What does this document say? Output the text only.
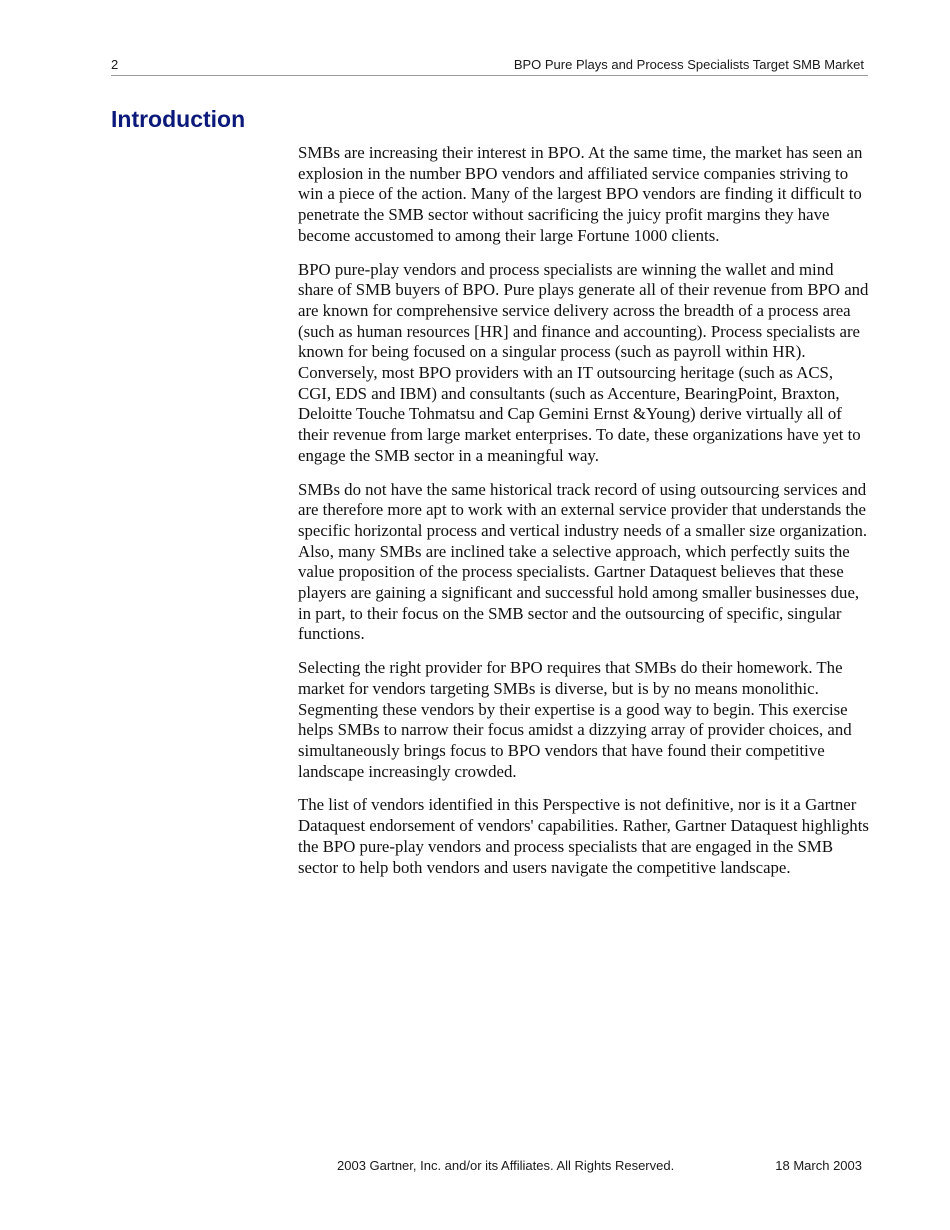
2	BPO Pure Plays and Process Specialists Target SMB Market
Introduction

SMBs are increasing their interest in BPO. At the same time, the market has seen an explosion in the number BPO vendors and affiliated service companies striving to win a piece of the action. Many of the largest BPO vendors are finding it difficult to penetrate the SMB sector without sacrificing the juicy profit margins they have become accustomed to among their large Fortune 1000 clients.

BPO pure-play vendors and process specialists are winning the wallet and mind share of SMB buyers of BPO. Pure plays generate all of their revenue from BPO and are known for comprehensive service delivery across the breadth of a process area (such as human resources [HR] and finance and accounting). Process specialists are known for being focused on a singular process (such as payroll within HR). Conversely, most BPO providers with an IT outsourcing heritage (such as ACS, CGI, EDS and IBM) and consultants (such as Accenture, BearingPoint, Braxton, Deloitte Touche Tohmatsu and Cap Gemini Ernst &Young) derive virtually all of their revenue from large market enterprises. To date, these organizations have yet to engage the SMB sector in a meaningful way.

SMBs do not have the same historical track record of using outsourcing services and are therefore more apt to work with an external service provider that understands the specific horizontal process and vertical industry needs of a smaller size organization. Also, many SMBs are inclined take a selective approach, which perfectly suits the value proposition of the process specialists. Gartner Dataquest believes that these players are gaining a significant and successful hold among smaller businesses due, in part, to their focus on the SMB sector and the outsourcing of specific, singular functions.

Selecting the right provider for BPO requires that SMBs do their homework. The market for vendors targeting SMBs is diverse, but is by no means monolithic. Segmenting these vendors by their expertise is a good way to begin. This exercise helps SMBs to narrow their focus amidst a dizzying array of provider choices, and simultaneously brings focus to BPO vendors that have found their competitive landscape increasingly crowded.

The list of vendors identified in this Perspective is not definitive, nor is it a Gartner Dataquest endorsement of vendors' capabilities. Rather, Gartner Dataquest highlights the BPO pure-play vendors and process specialists that are engaged in the SMB sector to help both vendors and users navigate the competitive landscape.

2003 Gartner, Inc. and/or its Affiliates. All Rights Reserved.	18 March 2003
